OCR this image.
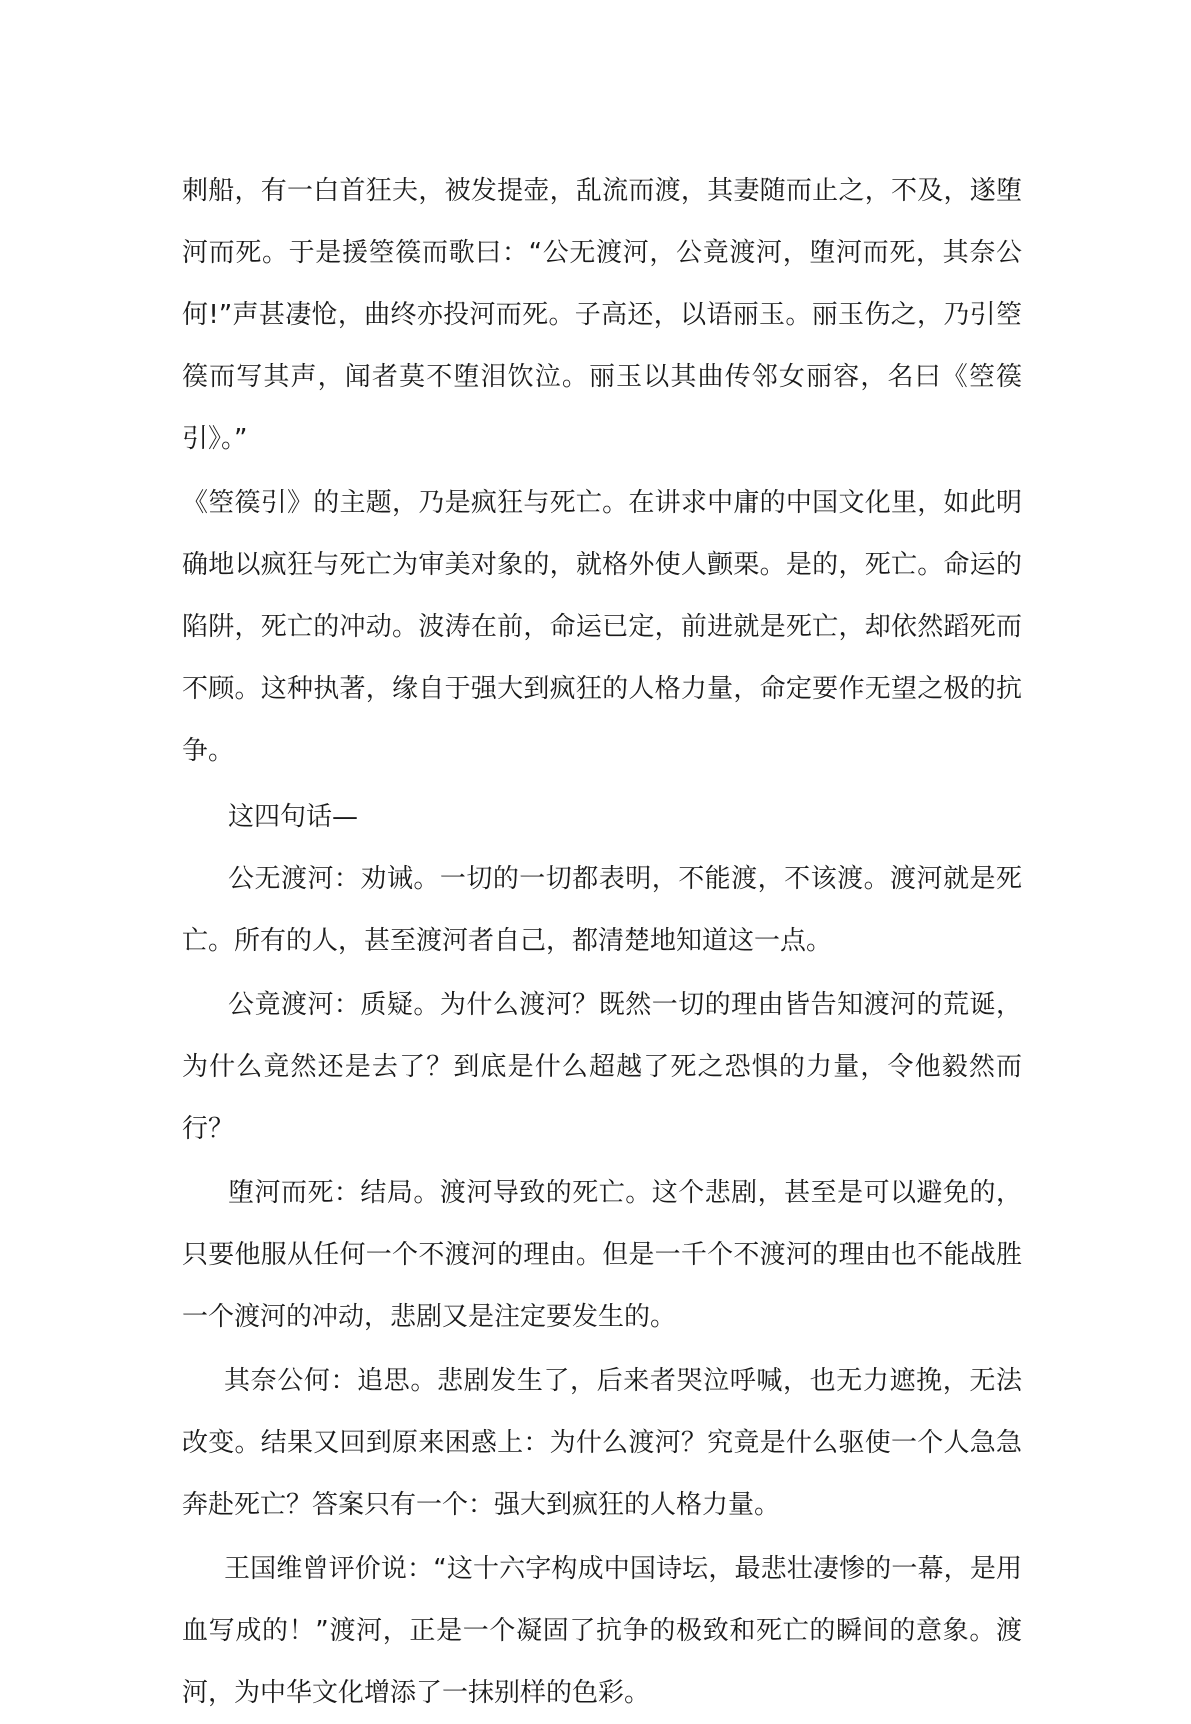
刺船，有一白首狂夫，被发提壶，乱流而渡，其妻随而止之，不及，遂堕河而死。于是援箜篌而歌曰：“公无渡河，公竟渡河，堕河而死，其奈公何!”声甚凄怆，曲终亦投河而死。子高还，以语丽玉。丽玉伤之，乃引箜篌而写其声，闻者莫不堕泪饮泣。丽玉以其曲传邻女丽容，名曰《箜篌引》。”

《箜篌引》的主题，乃是疯狂与死亡。在讲求中庸的中国文化里，如此明确地以疯狂与死亡为审美对象的，就格外使人颤栗。是的，死亡。命运的陷阱，死亡的冲动。波涛在前，命运已定，前进就是死亡，却依然蹈死而不顾。这种执著，缘自于强大到疯狂的人格力量，命定要作无望之极的抗争。

这四句话—

公无渡河：劝诫。一切的一切都表明，不能渡，不该渡。渡河就是死亡。所有的人，甚至渡河者自己，都清楚地知道这一点。

公竟渡河：质疑。为什么渡河？既然一切的理由皆告知渡河的荒诞，为什么竟然还是去了？到底是什么超越了死之恐惧的力量，令他毅然而行？

堕河而死：结局。渡河导致的死亡。这个悲剧，甚至是可以避免的，只要他服从任何一个不渡河的理由。但是一千个不渡河的理由也不能战胜一个渡河的冲动，悲剧又是注定要发生的。

其奈公何：追思。悲剧发生了，后来者哭泣呼喊，也无力遮挽，无法改变。结果又回到原来困惑上：为什么渡河？究竟是什么驱使一个人急急奔赴死亡？答案只有一个：强大到疯狂的人格力量。

王国维曾评价说：“这十六字构成中国诗坛，最悲壮凄惨的一幕，是用血写成的！”渡河，正是一个凝固了抗争的极致和死亡的瞬间的意象。渡河，为中华文化增添了一抹别样的色彩。
